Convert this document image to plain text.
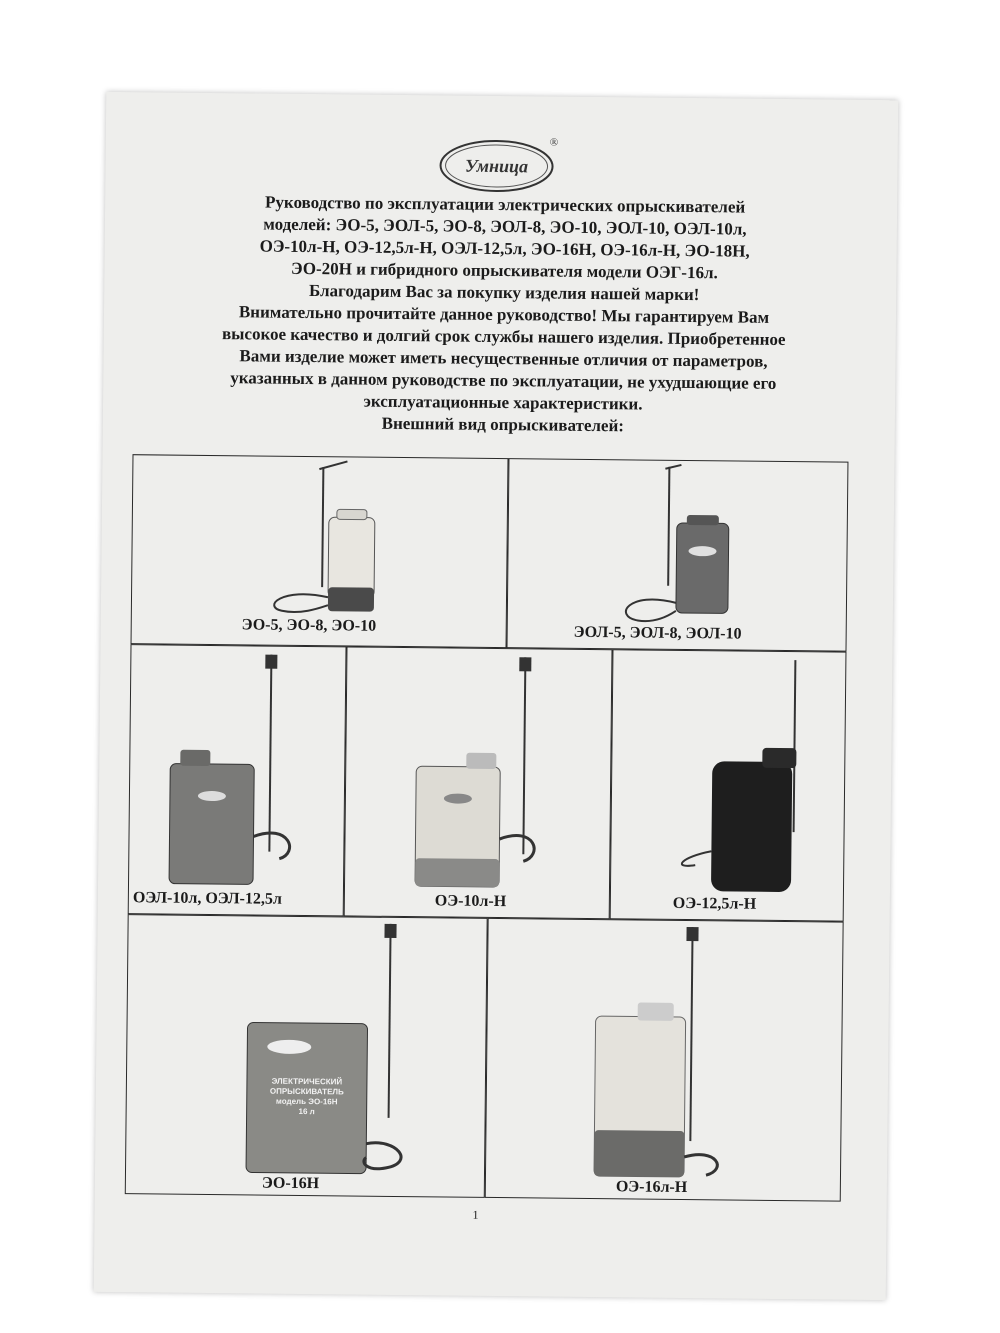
Умница
®
Руководство по эксплуатации электрических опрыскивателей
моделей: ЭО-5, ЭОЛ-5, ЭО-8, ЭОЛ-8, ЭО-10, ЭОЛ-10, ОЭЛ-10л,
ОЭ-10л-Н, ОЭ-12,5л-Н, ОЭЛ-12,5л, ЭО-16Н, ОЭ-16л-Н, ЭО-18Н,
ЭО-20Н и гибридного опрыскивателя модели ОЭГ-16л.
Благодарим Вас за покупку изделия нашей марки!
Внимательно прочитайте данное руководство! Мы гарантируем Вам
высокое качество и долгий срок службы нашего изделия. Приобретенное
Вами изделие может иметь несущественные отличия от параметров,
указанных в данном руководстве по эксплуатации, не ухудшающие его
эксплуатационные характеристики.
Внешний вид опрыскивателей:
ЭО-5, ЭО-8, ЭО-10	ЭОЛ-5, ЭОЛ-8, ЭОЛ-10
ОЭЛ-10л, ОЭЛ-12,5л	ОЭ-10л-Н	ОЭ-12,5л-Н
ЭЛЕКТРИЧЕСКИЙ
ОПРЫСКИВАТЕЛЬ
модель ЭО-16Н
16 л
ЭО-16Н	ОЭ-16л-Н
1
